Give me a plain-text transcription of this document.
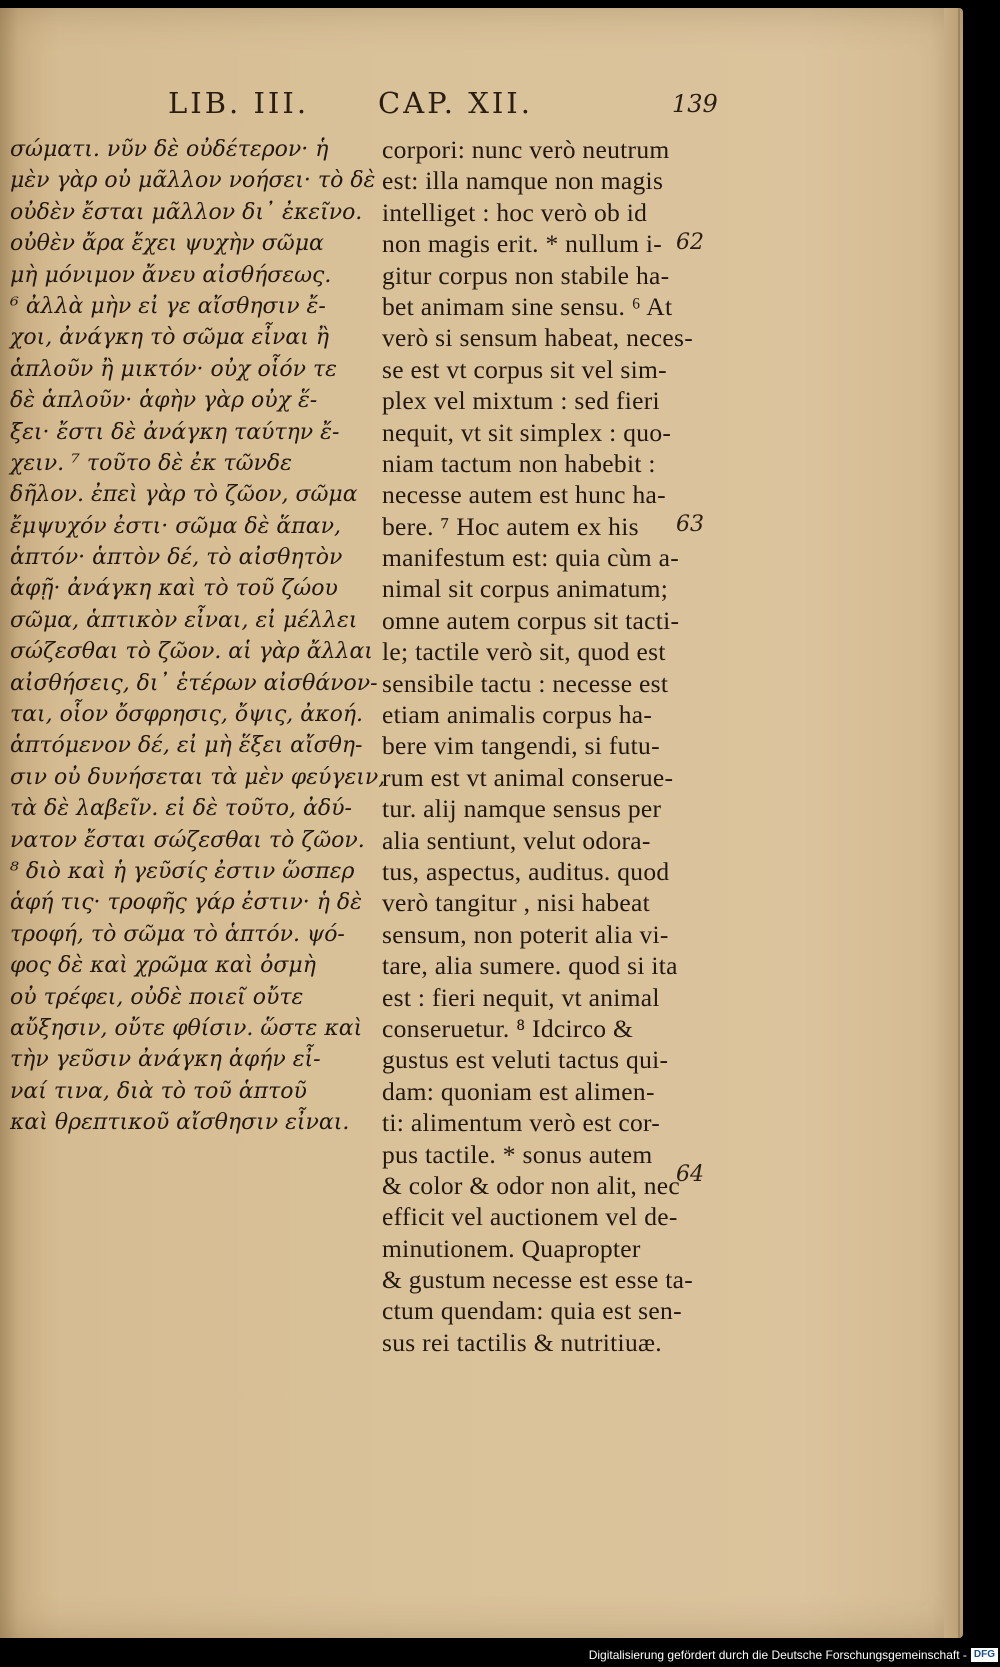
LIB. III. CAP. XII.	139
σώματι. νῦν δὲ οὐδέτερον· ἡ
μὲν γὰρ οὐ μᾶλλον νοήσει· τὸ δὲ
οὐδὲν ἔσται μᾶλλον δι᾽ ἐκεῖνο.
οὐθὲν ἄρα ἔχει ψυχὴν σῶμα
μὴ μόνιμον ἄνευ αἰσθήσεως.
⁶ ἀλλὰ μὴν εἰ γε αἴσθησιν ἔ-
χοι, ἀνάγκη τὸ σῶμα εἶναι ἢ
ἁπλοῦν ἢ μικτόν· οὐχ οἷόν τε
δὲ ἁπλοῦν· ἁφὴν γὰρ οὐχ ἕ-
ξει· ἔστι δὲ ἀνάγκη ταύτην ἔ-
χειν. ⁷ τοῦτο δὲ ἐκ τῶνδε
δῆλον. ἐπεὶ γὰρ τὸ ζῶον, σῶμα
ἔμψυχόν ἐστι· σῶμα δὲ ἅπαν,
ἁπτόν· ἁπτὸν δέ, τὸ αἰσθητὸν
ἁφῇ· ἀνάγκη καὶ τὸ τοῦ ζώου
σῶμα, ἁπτικὸν εἶναι, εἰ μέλλει
σώζεσθαι τὸ ζῶον. αἱ γὰρ ἄλλαι
αἰσθήσεις, δι᾽ ἑτέρων αἰσθάνον-
ται, οἷον ὄσφρησις, ὄψις, ἀκοή.
ἁπτόμενον δέ, εἰ μὴ ἕξει αἴσθη-
σιν οὐ δυνήσεται τὰ μὲν φεύγειν,
τὰ δὲ λαβεῖν. εἰ δὲ τοῦτο, ἀδύ-
νατον ἔσται σώζεσθαι τὸ ζῶον.
⁸ διὸ καὶ ἡ γεῦσίς ἐστιν ὥσπερ
ἁφή τις· τροφῆς γάρ ἐστιν· ἡ δὲ
τροφή, τὸ σῶμα τὸ ἁπτόν. ψό-
φος δὲ καὶ χρῶμα καὶ ὀσμὴ
οὐ τρέφει, οὐδὲ ποιεῖ οὔτε
αὔξησιν, οὔτε φθίσιν. ὥστε καὶ
τὴν γεῦσιν ἀνάγκη ἁφήν εἶ-
ναί τινα, διὰ τὸ τοῦ ἁπτοῦ
καὶ θρεπτικοῦ αἴσθησιν εἶναι.
corpori: nunc verò neutrum
est: illa namque non magis
intelliget : hoc verò ob id
non magis erit. * nullum i-
gitur corpus non stabile ha-
bet animam sine sensu. ⁶ At
verò si sensum habeat, neces-
se est vt corpus sit vel sim-
plex vel mixtum : sed fieri
nequit, vt sit simplex : quo-
niam tactum non habebit :
necesse autem est hunc ha-
bere. ⁷ Hoc autem ex his
manifestum est: quia cùm a-
nimal sit corpus animatum;
omne autem corpus sit tacti-
le; tactile verò sit, quod est
sensibile tactu : necesse est
etiam animalis corpus ha-
bere vim tangendi, si futu-
rum est vt animal conserue-
tur. alij namque sensus per
alia sentiunt, velut odora-
tus, aspectus, auditus. quod
verò tangitur , nisi habeat
sensum, non poterit alia vi-
tare, alia sumere. quod si ita
est : fieri nequit, vt animal
conseruetur. ⁸ Idcirco &
gustus est veluti tactus qui-
dam: quoniam est alimen-
ti: alimentum verò est cor-
pus tactile. * sonus autem
& color & odor non alit, nec
efficit vel auctionem vel de-
minutionem. Quapropter
& gustum necesse est esse ta-
ctum quendam: quia est sen-
sus rei tactilis & nutritiuæ.
62
63
64
Digitalisierung gefördert durch die Deutsche Forschungsgemeinschaft - DFG
